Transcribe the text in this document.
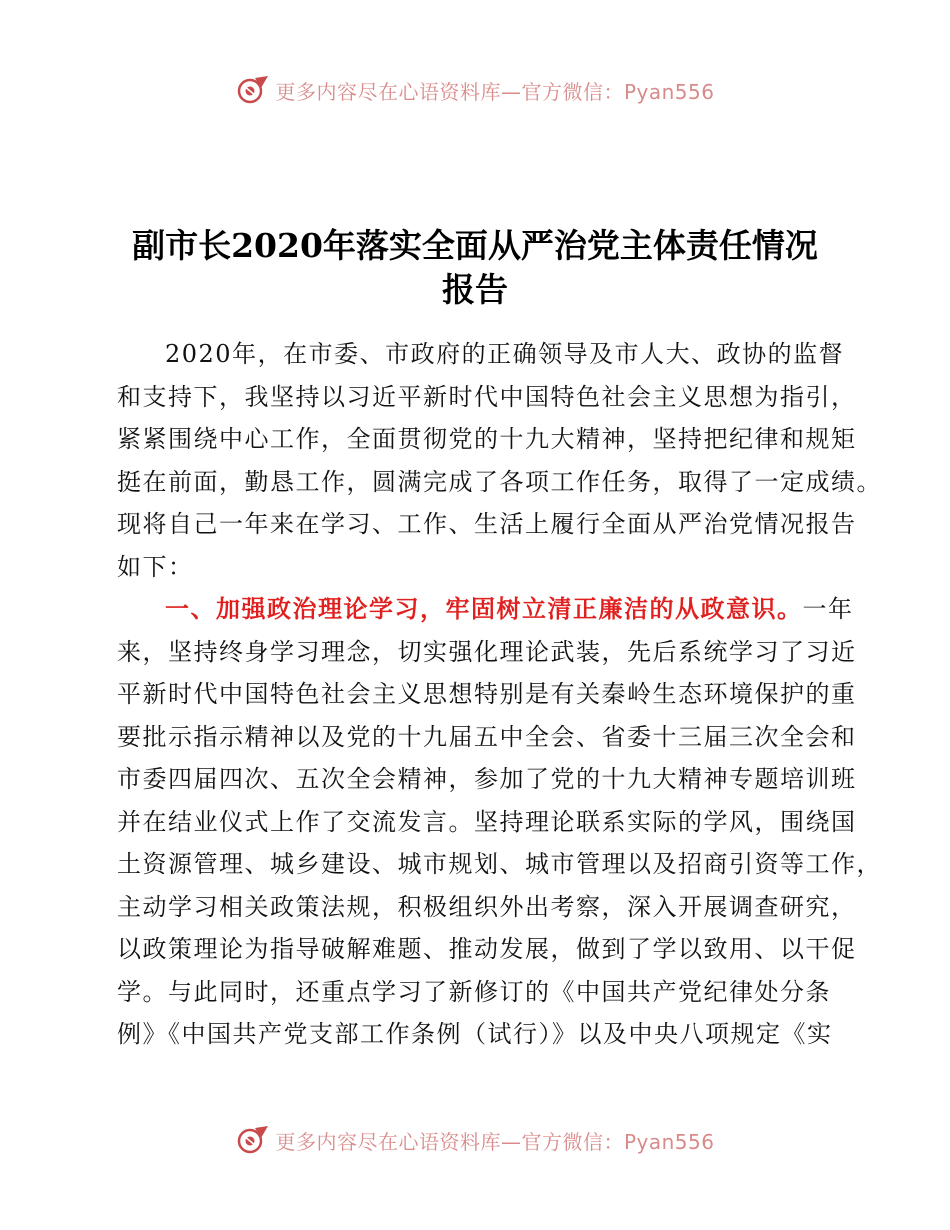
更多内容尽在心语资料库—官方微信：Pyan556
副市长2020年落实全面从严治党主体责任情况
报告
2020年，在市委、市政府的正确领导及市人大、政协的监督
和支持下，我坚持以习近平新时代中国特色社会主义思想为指引，
紧紧围绕中心工作，全面贯彻党的十九大精神，坚持把纪律和规矩
挺在前面，勤恳工作，圆满完成了各项工作任务，取得了一定成绩。
现将自己一年来在学习、工作、生活上履行全面从严治党情况报告
如下：
一、加强政治理论学习，牢固树立清正廉洁的从政意识。一年
来，坚持终身学习理念，切实强化理论武装，先后系统学习了习近
平新时代中国特色社会主义思想特别是有关秦岭生态环境保护的重
要批示指示精神以及党的十九届五中全会、省委十三届三次全会和
市委四届四次、五次全会精神，参加了党的十九大精神专题培训班
并在结业仪式上作了交流发言。坚持理论联系实际的学风，围绕国
土资源管理、城乡建设、城市规划、城市管理以及招商引资等工作，
主动学习相关政策法规，积极组织外出考察，深入开展调查研究，
以政策理论为指导破解难题、推动发展，做到了学以致用、以干促
学。与此同时，还重点学习了新修订的《中国共产党纪律处分条
例》《中国共产党支部工作条例（试行）》以及中央八项规定《实
更多内容尽在心语资料库—官方微信：Pyan556
